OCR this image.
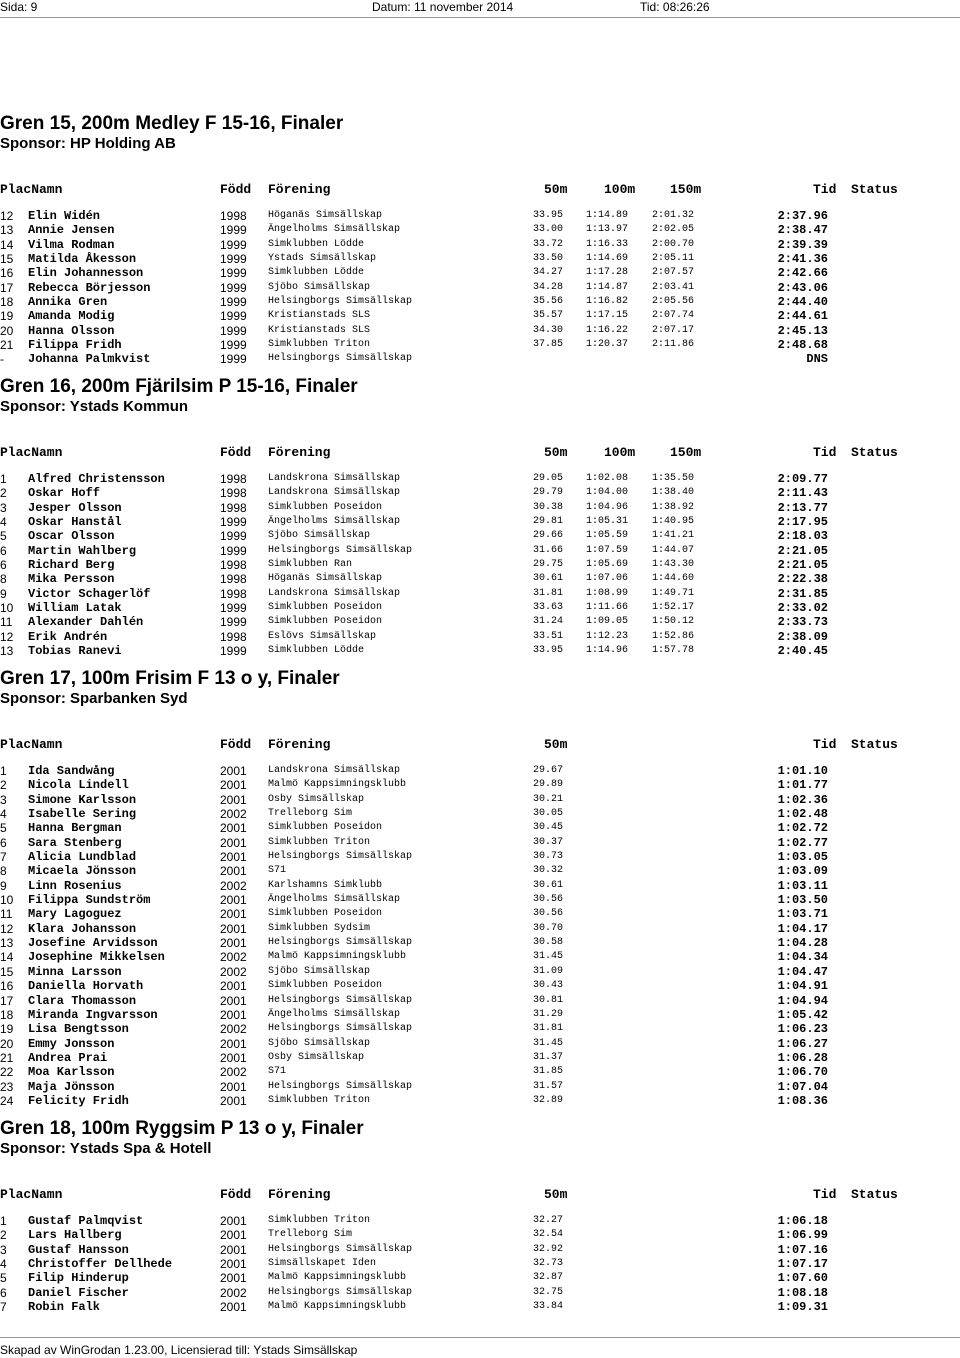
Sida: 9	Datum: 11 november 2014	Tid: 08:26:26
Gren 15, 200m Medley F 15-16, Finaler
Sponsor: HP Holding AB
PlacNamn	Född Förening	50m	100m	150m	Tid Status
12	Elin Widén	1998 Höganäs Simsällskap	33.95 1:14.89 2:01.32	2:37.96
13	Annie Jensen	1999 Ängelholms Simsällskap	33.00 1:13.97 2:02.05	2:38.47
14	Vilma Rodman	1999 Simklubben Lödde	33.72 1:16.33 2:00.70	2:39.39
15	Matilda Åkesson	1999 Ystads Simsällskap	33.50 1:14.69 2:05.11	2:41.36
16	Elin Johannesson	1999 Simklubben Lödde	34.27 1:17.28 2:07.57	2:42.66
17	Rebecca Börjesson	1999 Sjöbo Simsällskap	34.28 1:14.87 2:03.41	2:43.06
18	Annika Gren	1999 Helsingborgs Simsällskap	35.56 1:16.82 2:05.56	2:44.40
19	Amanda Modig	1999 Kristianstads SLS	35.57 1:17.15 2:07.74	2:44.61
20	Hanna Olsson	1999 Kristianstads SLS	34.30 1:16.22 2:07.17	2:45.13
21	Filippa Fridh	1999 Simklubben Triton	37.85 1:20.37 2:11.86	2:48.68
-	Johanna Palmkvist	1999 Helsingborgs Simsällskap	DNS
Gren 16, 200m Fjärilsim P 15-16, Finaler
Sponsor: Ystads Kommun
PlacNamn	Född Förening	50m	100m	150m	Tid Status
1	Alfred Christensson	1998 Landskrona Simsällskap	29.05 1:02.08 1:35.50	2:09.77
2	Oskar Hoff	1998 Landskrona Simsällskap	29.79 1:04.00 1:38.40	2:11.43
3	Jesper Olsson	1998 Simklubben Poseidon	30.38 1:04.96 1:38.92	2:13.77
4	Oskar Hanstål	1999 Ängelholms Simsällskap	29.81 1:05.31 1:40.95	2:17.95
5	Oscar Olsson	1999 Sjöbo Simsällskap	29.66 1:05.59 1:41.21	2:18.03
6	Martin Wahlberg	1999 Helsingborgs Simsällskap	31.66 1:07.59 1:44.07	2:21.05
6	Richard Berg	1998 Simklubben Ran	29.75 1:05.69 1:43.30	2:21.05
8	Mika Persson	1998 Höganäs Simsällskap	30.61 1:07.06 1:44.60	2:22.38
9	Victor Schagerlöf	1998 Landskrona Simsällskap	31.81 1:08.99 1:49.71	2:31.85
10	William Latak	1999 Simklubben Poseidon	33.63 1:11.66 1:52.17	2:33.02
11	Alexander Dahlén	1999 Simklubben Poseidon	31.24 1:09.05 1:50.12	2:33.73
12	Erik Andrén	1998 Eslövs Simsällskap	33.51 1:12.23 1:52.86	2:38.09
13	Tobias Ranevi	1999 Simklubben Lödde	33.95 1:14.96 1:57.78	2:40.45
Gren 17, 100m Frisim F 13 o y, Finaler
Sponsor: Sparbanken Syd
PlacNamn	Född Förening	50m	Tid Status
1	Ida Sandwång	2001 Landskrona Simsällskap	29.67	1:01.10
2	Nicola Lindell	2001 Malmö Kappsimningsklubb	29.89	1:01.77
3	Simone Karlsson	2001 Osby Simsällskap	30.21	1:02.36
4	Isabelle Sering	2002 Trelleborg Sim	30.05	1:02.48
5	Hanna Bergman	2001 Simklubben Poseidon	30.45	1:02.72
6	Sara Stenberg	2001 Simklubben Triton	30.37	1:02.77
7	Alicia Lundblad	2001 Helsingborgs Simsällskap	30.73	1:03.05
8	Micaela Jönsson	2001 S71	30.32	1:03.09
9	Linn Rosenius	2002 Karlshamns Simklubb	30.61	1:03.11
10	Filippa Sundström	2001 Ängelholms Simsällskap	30.56	1:03.50
11	Mary Lagoguez	2001 Simklubben Poseidon	30.56	1:03.71
12	Klara Johansson	2001 Simklubben Sydsim	30.70	1:04.17
13	Josefine Arvidsson	2001 Helsingborgs Simsällskap	30.58	1:04.28
14	Josephine Mikkelsen	2002 Malmö Kappsimningsklubb	31.45	1:04.34
15	Minna Larsson	2002 Sjöbo Simsällskap	31.09	1:04.47
16	Daniella Horvath	2001 Simklubben Poseidon	30.43	1:04.91
17	Clara Thomasson	2001 Helsingborgs Simsällskap	30.81	1:04.94
18	Miranda Ingvarsson	2001 Ängelholms Simsällskap	31.29	1:05.42
19	Lisa Bengtsson	2002 Helsingborgs Simsällskap	31.81	1:06.23
20	Emmy Jonsson	2001 Sjöbo Simsällskap	31.45	1:06.27
21	Andrea Prai	2001 Osby Simsällskap	31.37	1:06.28
22	Moa Karlsson	2002 S71	31.85	1:06.70
23	Maja Jönsson	2001 Helsingborgs Simsällskap	31.57	1:07.04
24	Felicity Fridh	2001 Simklubben Triton	32.89	1:08.36
Gren 18, 100m Ryggsim P 13 o y, Finaler
Sponsor: Ystads Spa & Hotell
PlacNamn	Född Förening	50m	Tid Status
1	Gustaf Palmqvist	2001 Simklubben Triton	32.27	1:06.18
2	Lars Hallberg	2001 Trelleborg Sim	32.54	1:06.99
3	Gustaf Hansson	2001 Helsingborgs Simsällskap	32.92	1:07.16
4	Christoffer Dellhede	2001 Simsällskapet Iden	32.73	1:07.17
5	Filip Hinderup	2001 Malmö Kappsimningsklubb	32.87	1:07.60
6	Daniel Fischer	2002 Helsingborgs Simsällskap	32.75	1:08.18
7	Robin Falk	2001 Malmö Kappsimningsklubb	33.84	1:09.31
Skapad av WinGrodan 1.23.00, Licensierad till: Ystads Simsällskap
